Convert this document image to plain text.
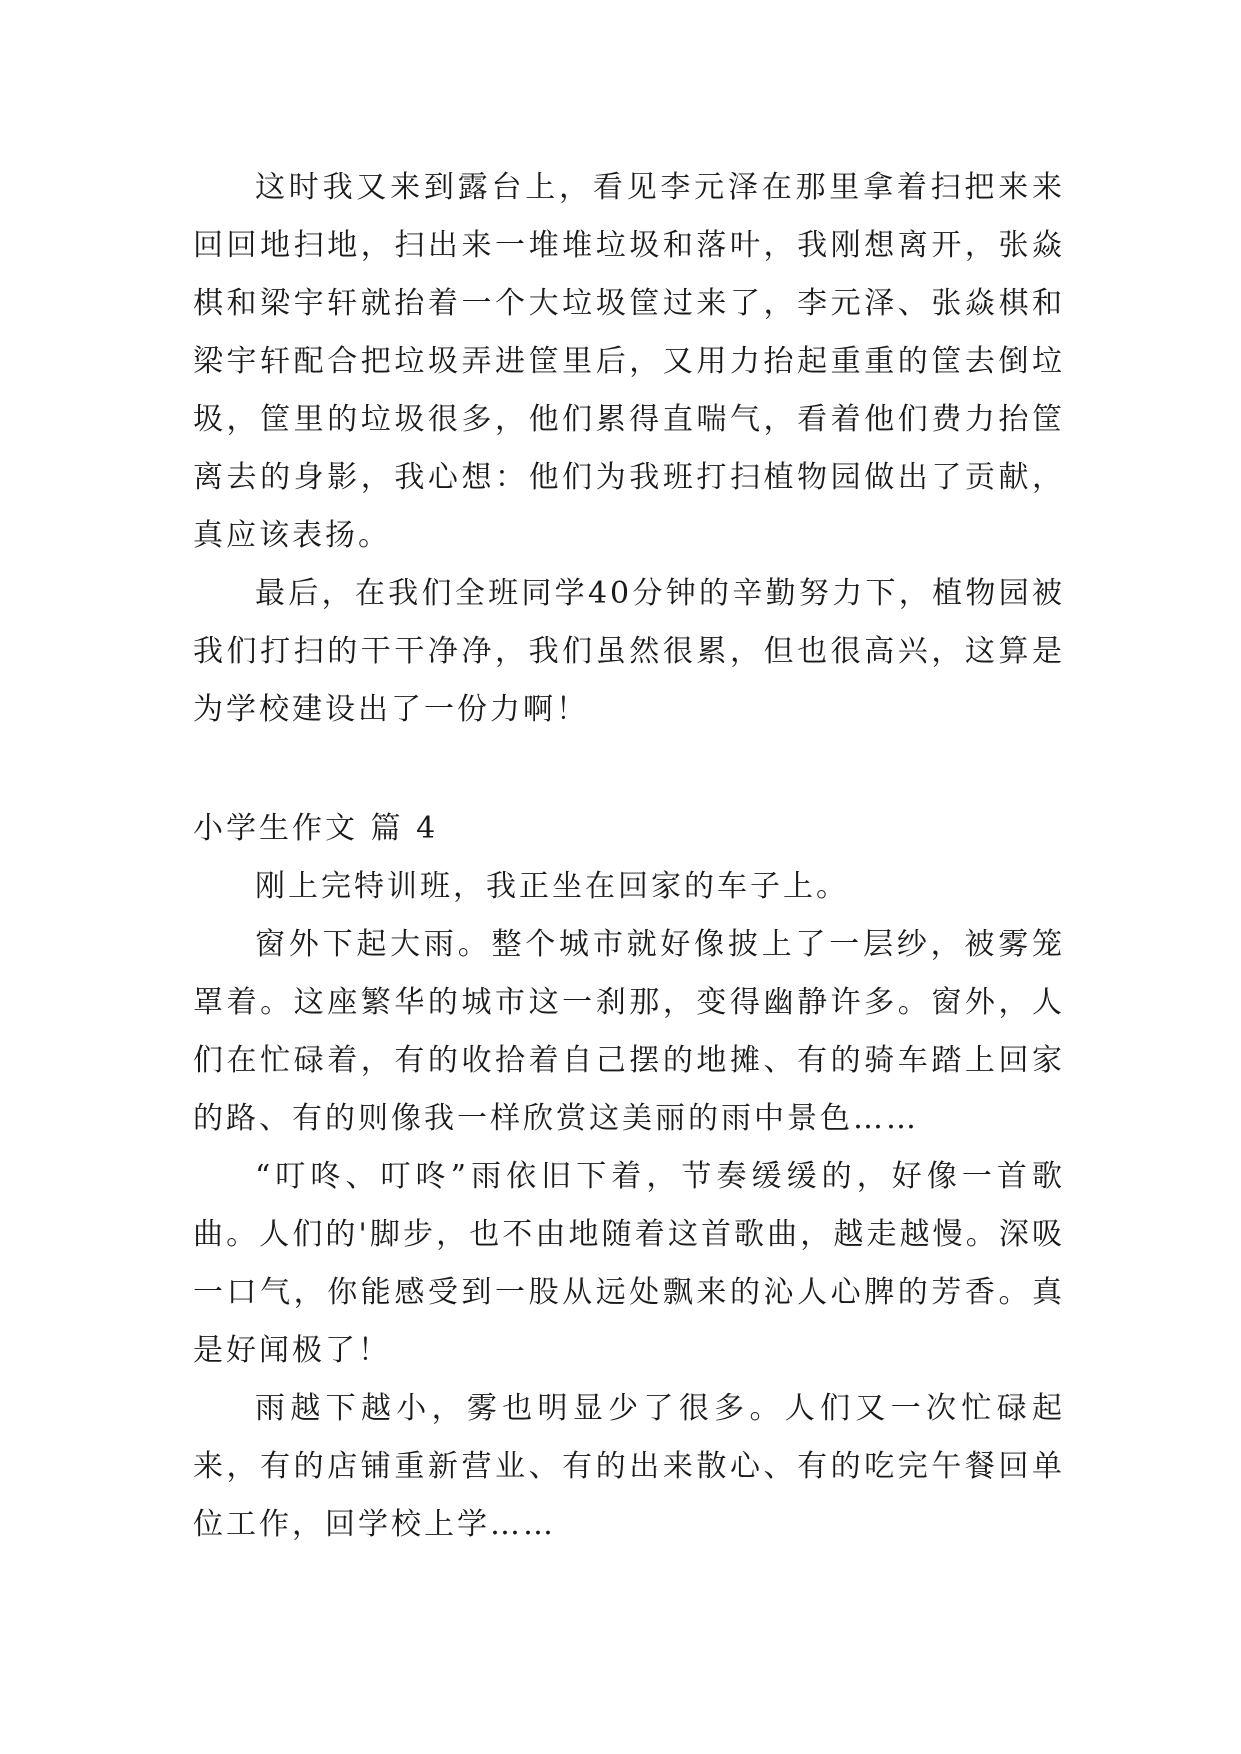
这时我又来到露台上，看见李元泽在那里拿着扫把来来回回地扫地，扫出来一堆堆垃圾和落叶，我刚想离开，张焱棋和梁宇轩就抬着一个大垃圾筐过来了，李元泽、张焱棋和梁宇轩配合把垃圾弄进筐里后，又用力抬起重重的筐去倒垃圾，筐里的垃圾很多，他们累得直喘气，看着他们费力抬筐离去的身影，我心想：他们为我班打扫植物园做出了贡献，真应该表扬。

最后，在我们全班同学40分钟的辛勤努力下，植物园被我们打扫的干干净净，我们虽然很累，但也很高兴，这算是为学校建设出了一份力啊！

小学生作文 篇 4

刚上完特训班，我正坐在回家的车子上。

窗外下起大雨。整个城市就好像披上了一层纱，被雾笼罩着。这座繁华的城市这一刹那，变得幽静许多。窗外，人们在忙碌着，有的收拾着自己摆的地摊、有的骑车踏上回家的路、有的则像我一样欣赏这美丽的雨中景色……

“叮咚、叮咚”雨依旧下着，节奏缓缓的，好像一首歌曲。人们的'脚步，也不由地随着这首歌曲，越走越慢。深吸一口气，你能感受到一股从远处飘来的沁人心脾的芳香。真是好闻极了！

雨越下越小，雾也明显少了很多。人们又一次忙碌起来，有的店铺重新营业、有的出来散心、有的吃完午餐回单位工作，回学校上学……
